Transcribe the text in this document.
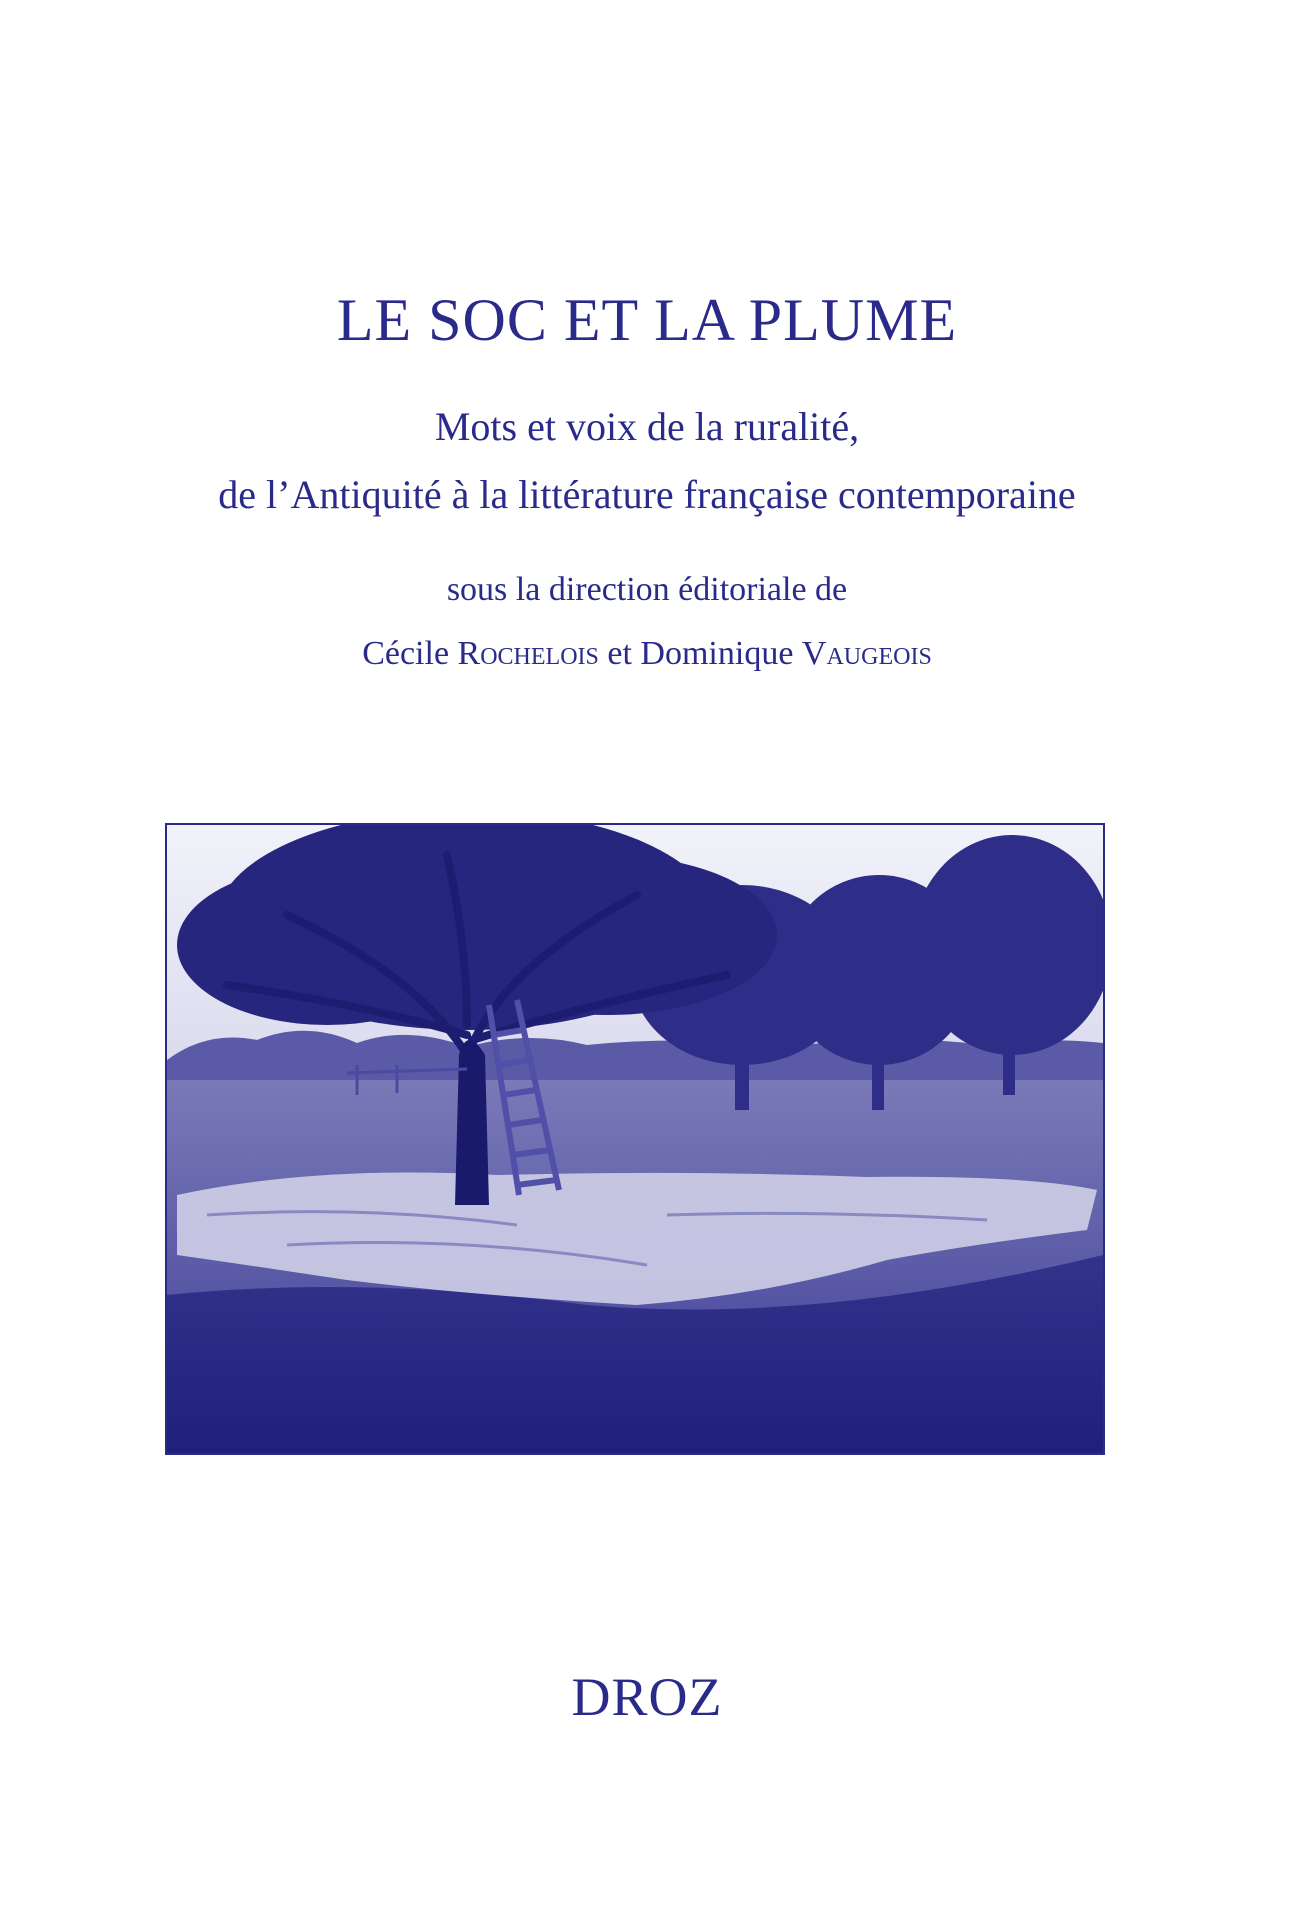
LE SOC ET LA PLUME
Mots et voix de la ruralité,
de l’Antiquité à la littérature française contemporaine
sous la direction éditoriale de
Cécile Rochelois et Dominique Vaugeois
DROZ
